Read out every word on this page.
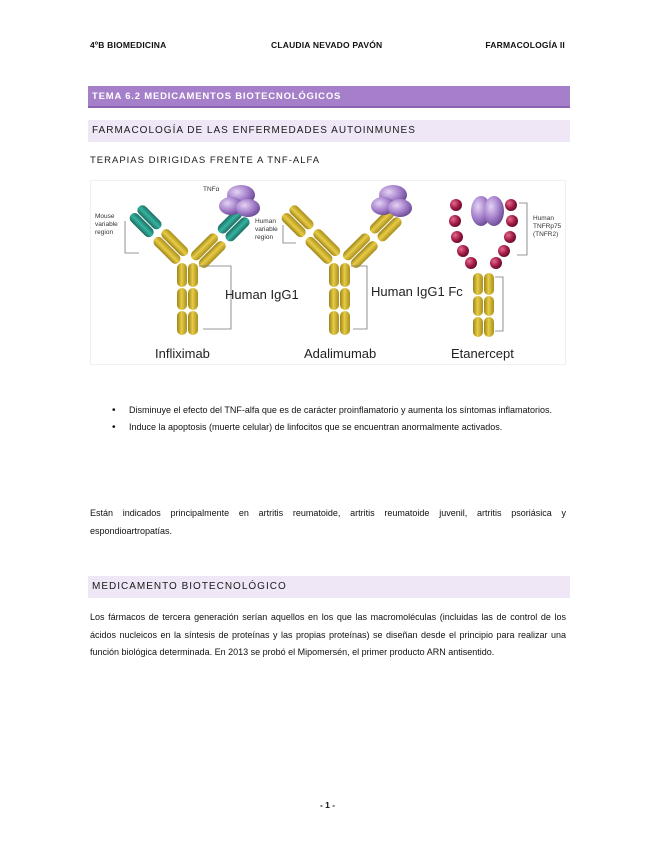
4ºB BIOMEDICINA	CLAUDIA NEVADO PAVÓN	FARMACOLOGÍA II
TEMA 6.2 MEDICAMENTOS BIOTECNOLÓGICOS
FARMACOLOGÍA DE LAS ENFERMEDADES AUTOINMUNES
TERAPIAS DIRIGIDAS FRENTE A TNF-ALFA
Mouse
variable
region
TNFα
Human
variable
region
Human
TNFRp75
(TNFR2)
Human IgG1	Human IgG1 Fc
Infliximab	Adalimumab	Etanercept
• Disminuye el efecto del TNF-alfa que es de carácter proinflamatorio y aumenta los síntomas inflamatorios.
• Induce la apoptosis (muerte celular) de linfocitos que se encuentran anormalmente activados.
Están indicados principalmente en artritis reumatoide, artritis reumatoide juvenil, artritis psoriásica y espondioartropatías.
MEDICAMENTO BIOTECNOLÓGICO
Los fármacos de tercera generación serían aquellos en los que las macromoléculas (incluidas las de control de los ácidos nucleicos en la síntesis de proteínas y las propias proteínas) se diseñan desde el principio para realizar una función biológica determinada. En 2013 se probó el Mipomersén, el primer producto ARN antisentido.
- 1 -
